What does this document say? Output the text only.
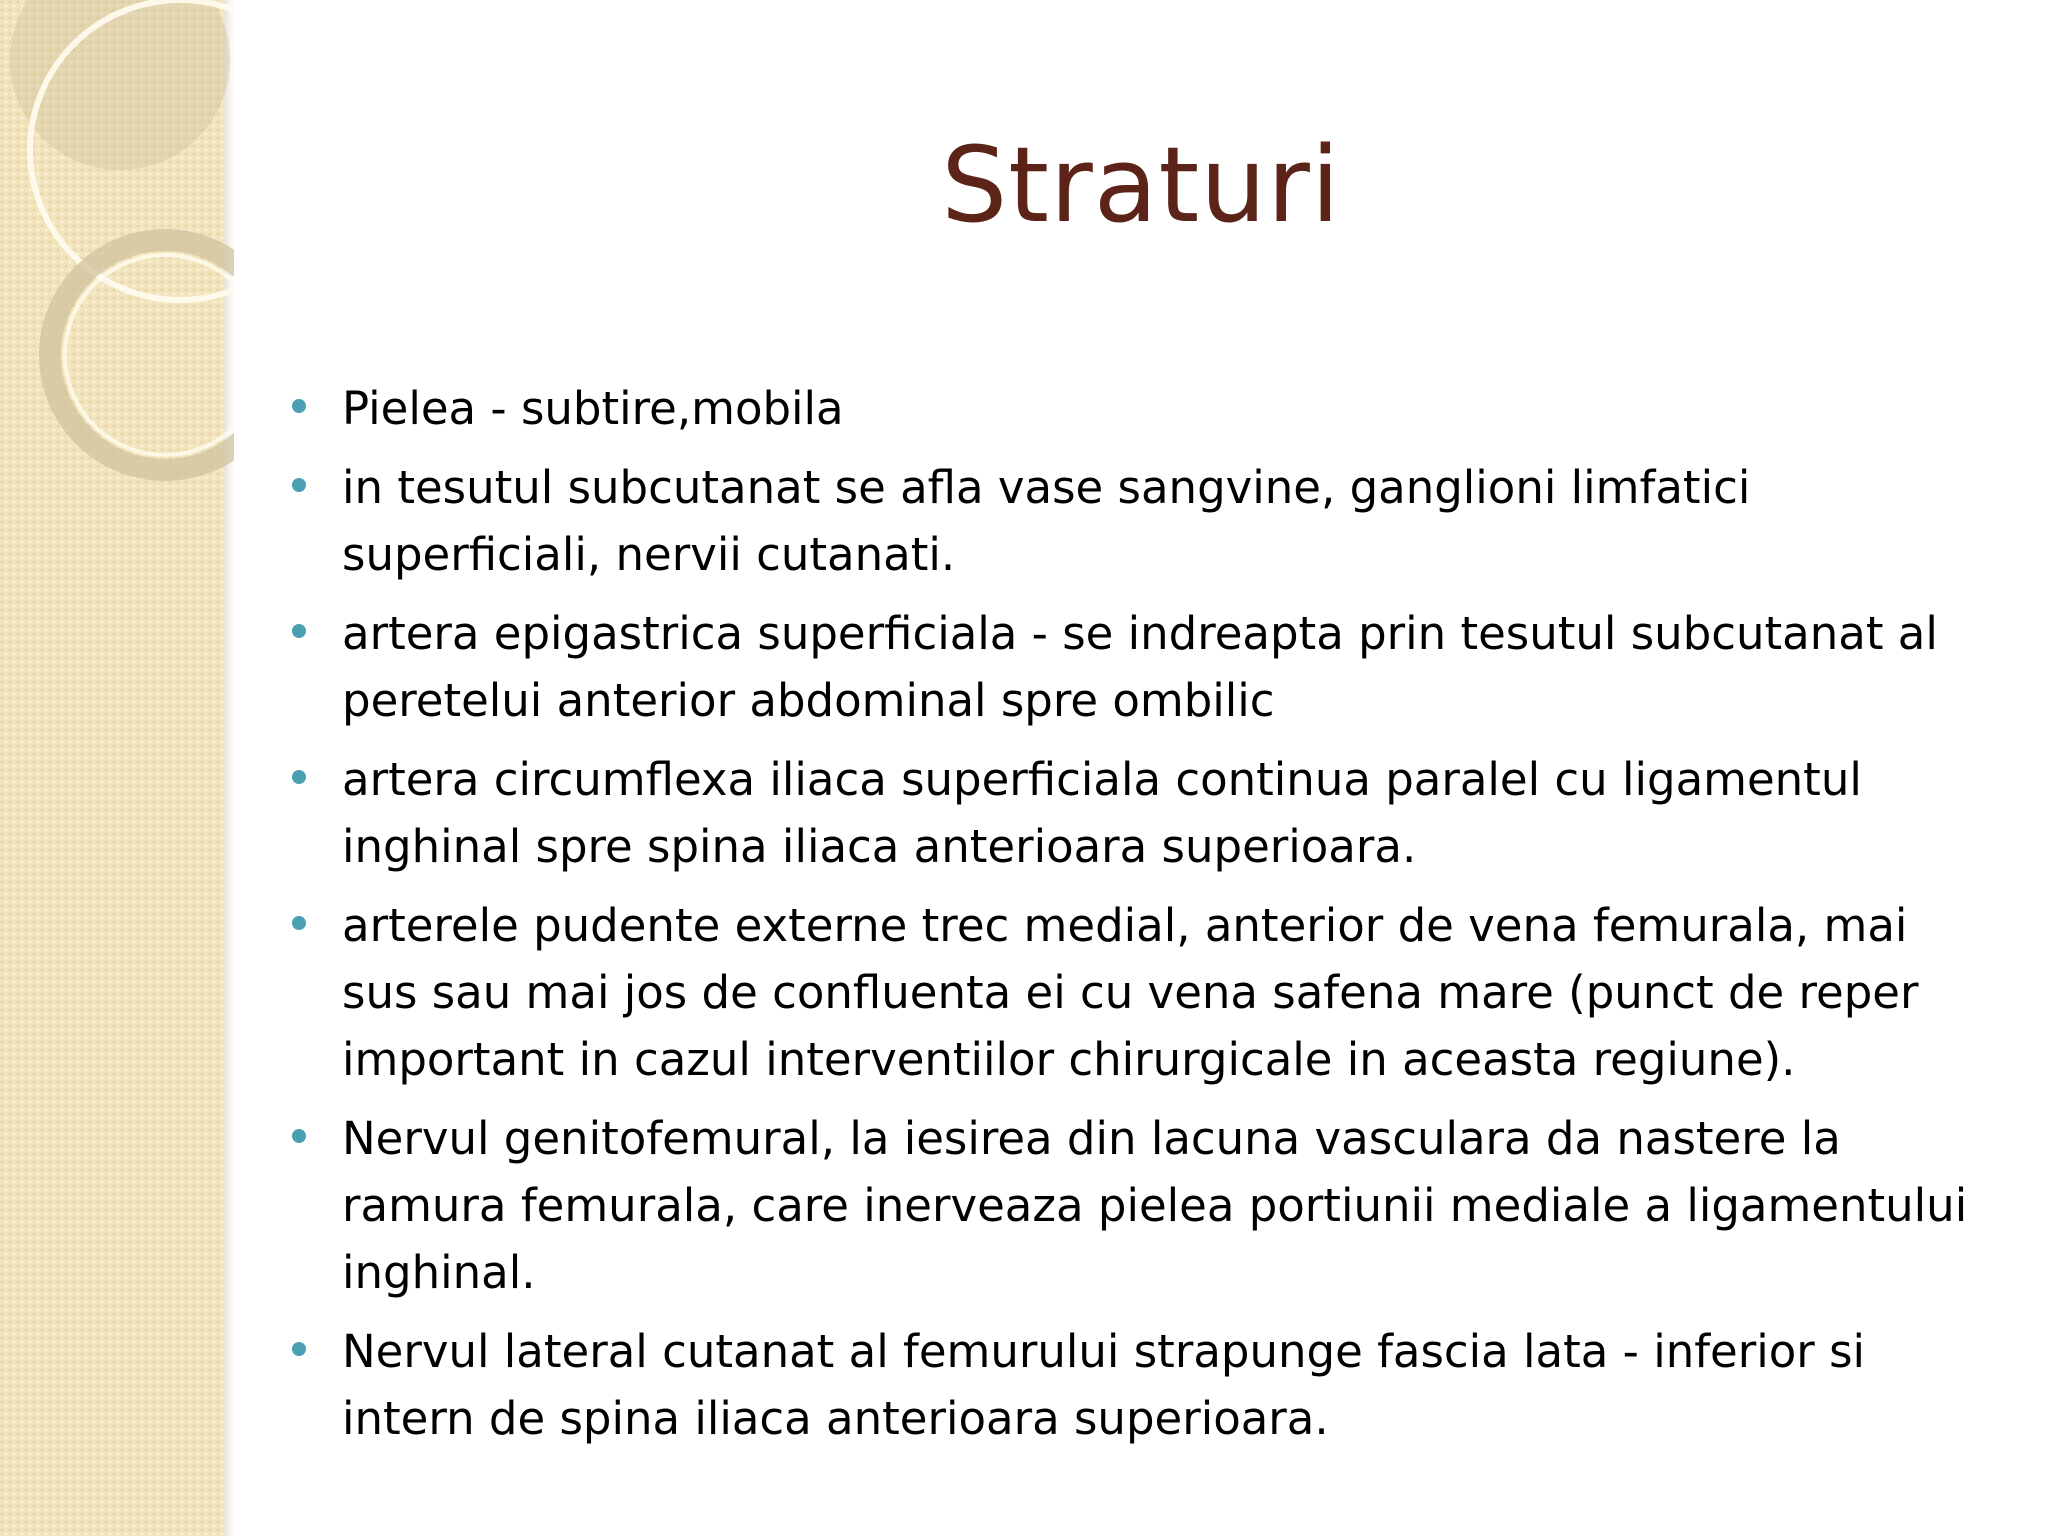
Straturi
Pielea - subtire,mobila
in tesutul subcutanat se afla vase sangvine, ganglioni limfatici superficiali, nervii cutanati.
artera epigastrica superficiala - se indreapta prin tesutul subcutanat al peretelui anterior abdominal spre ombilic
artera circumflexa iliaca superficiala continua paralel cu ligamentul inghinal spre spina iliaca anterioara superioara.
arterele pudente externe trec medial, anterior de vena femurala, mai sus sau mai jos de confluenta ei cu vena safena mare (punct de reper important in cazul interventiilor chirurgicale in aceasta regiune).
Nervul genitofemural, la iesirea din lacuna vasculara da nastere la ramura femurala, care inerveaza pielea portiunii mediale a ligamentului inghinal.
Nervul lateral cutanat al femurului strapunge fascia lata - inferior si intern de spina iliaca anterioara superioara.
